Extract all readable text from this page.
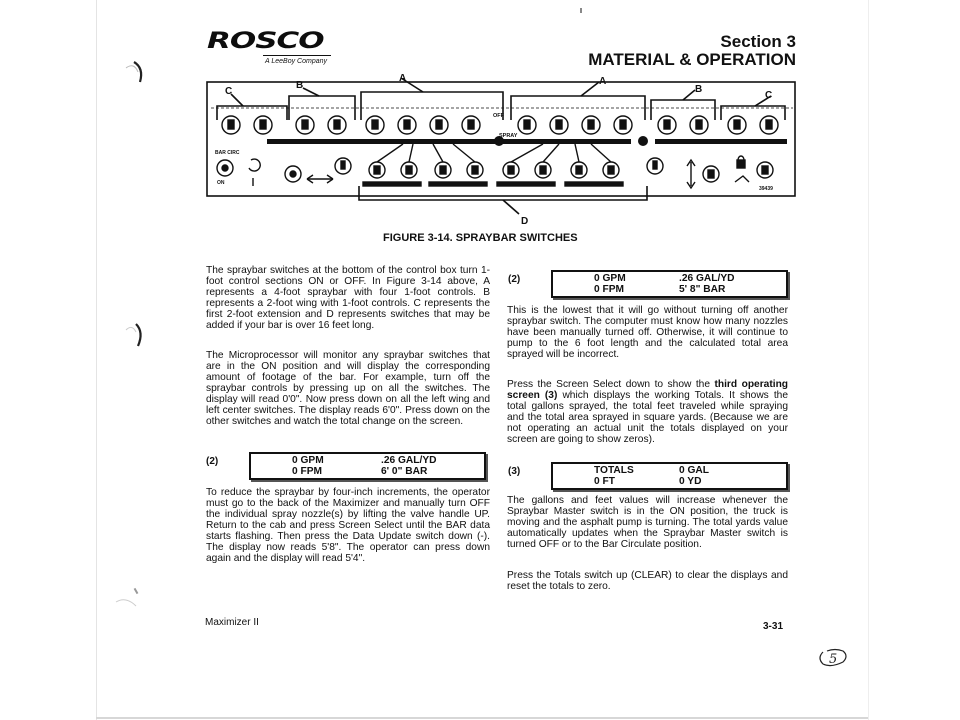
ROSCO
A LeeBoy Company
Section 3
MATERIAL & OPERATION
C
B
A	A
B
C
D
OFF
SPRAY
BAR CIRC
ON
39439
FIGURE 3-14. SPRAYBAR SWITCHES

The spraybar switches at the bottom of the control box turn 1-foot control sections ON or OFF. In Figure 3-14 above, A represents a 4-foot spraybar with four 1-foot controls. B represents a 2-foot wing with 1-foot controls. C represents the first 2-foot extension and D represents switches that may be added if your bar is over 16 feet long.

The Microprocessor will monitor any spraybar switches that are in the ON position and will display the corresponding amount of footage of the bar. For example, turn off the spraybar controls by pressing up on all the switches. The display will read 0'0". Now press down on all the left wing and left center switches. The display reads 6'0". Press down on the other switches and watch the total change on the screen.

(2)	0 GPM	.26 GAL/YD
0 FPM	6' 0" BAR

To reduce the spraybar by four-inch increments, the operator must go to the back of the Maximizer and manually turn OFF the individual spray nozzle(s) by lifting the valve handle UP. Return to the cab and press Screen Select until the BAR data starts flashing. Then press the Data Update switch down (-). The display now reads 5'8". The operator can press down again and the display will read 5'4".

(2)	0 GPM	.26 GAL/YD
0 FPM	5' 8" BAR

This is the lowest that it will go without turning off another spraybar switch. The computer must know how many nozzles have been manually turned off. Otherwise, it will continue to pump to the 6 foot length and the calculated total area sprayed will be incorrect.

Press the Screen Select down to show the third operating screen (3) which displays the working Totals. It shows the total gallons sprayed, the total feet traveled while spraying and the total area sprayed in square yards. (Because we are not operating an actual unit the totals displayed on your screen are going to show zeros).

(3)	TOTALS	0 GAL
0 FT	0 YD

The gallons and feet values will increase whenever the Spraybar Master switch is in the ON position, the truck is moving and the asphalt pump is turning. The total yards value automatically updates when the Spraybar Master switch is turned OFF or to the Bar Circulate position.

Press the Totals switch up (CLEAR) to clear the displays and reset the totals to zero.

Maximizer II	3-31
5
